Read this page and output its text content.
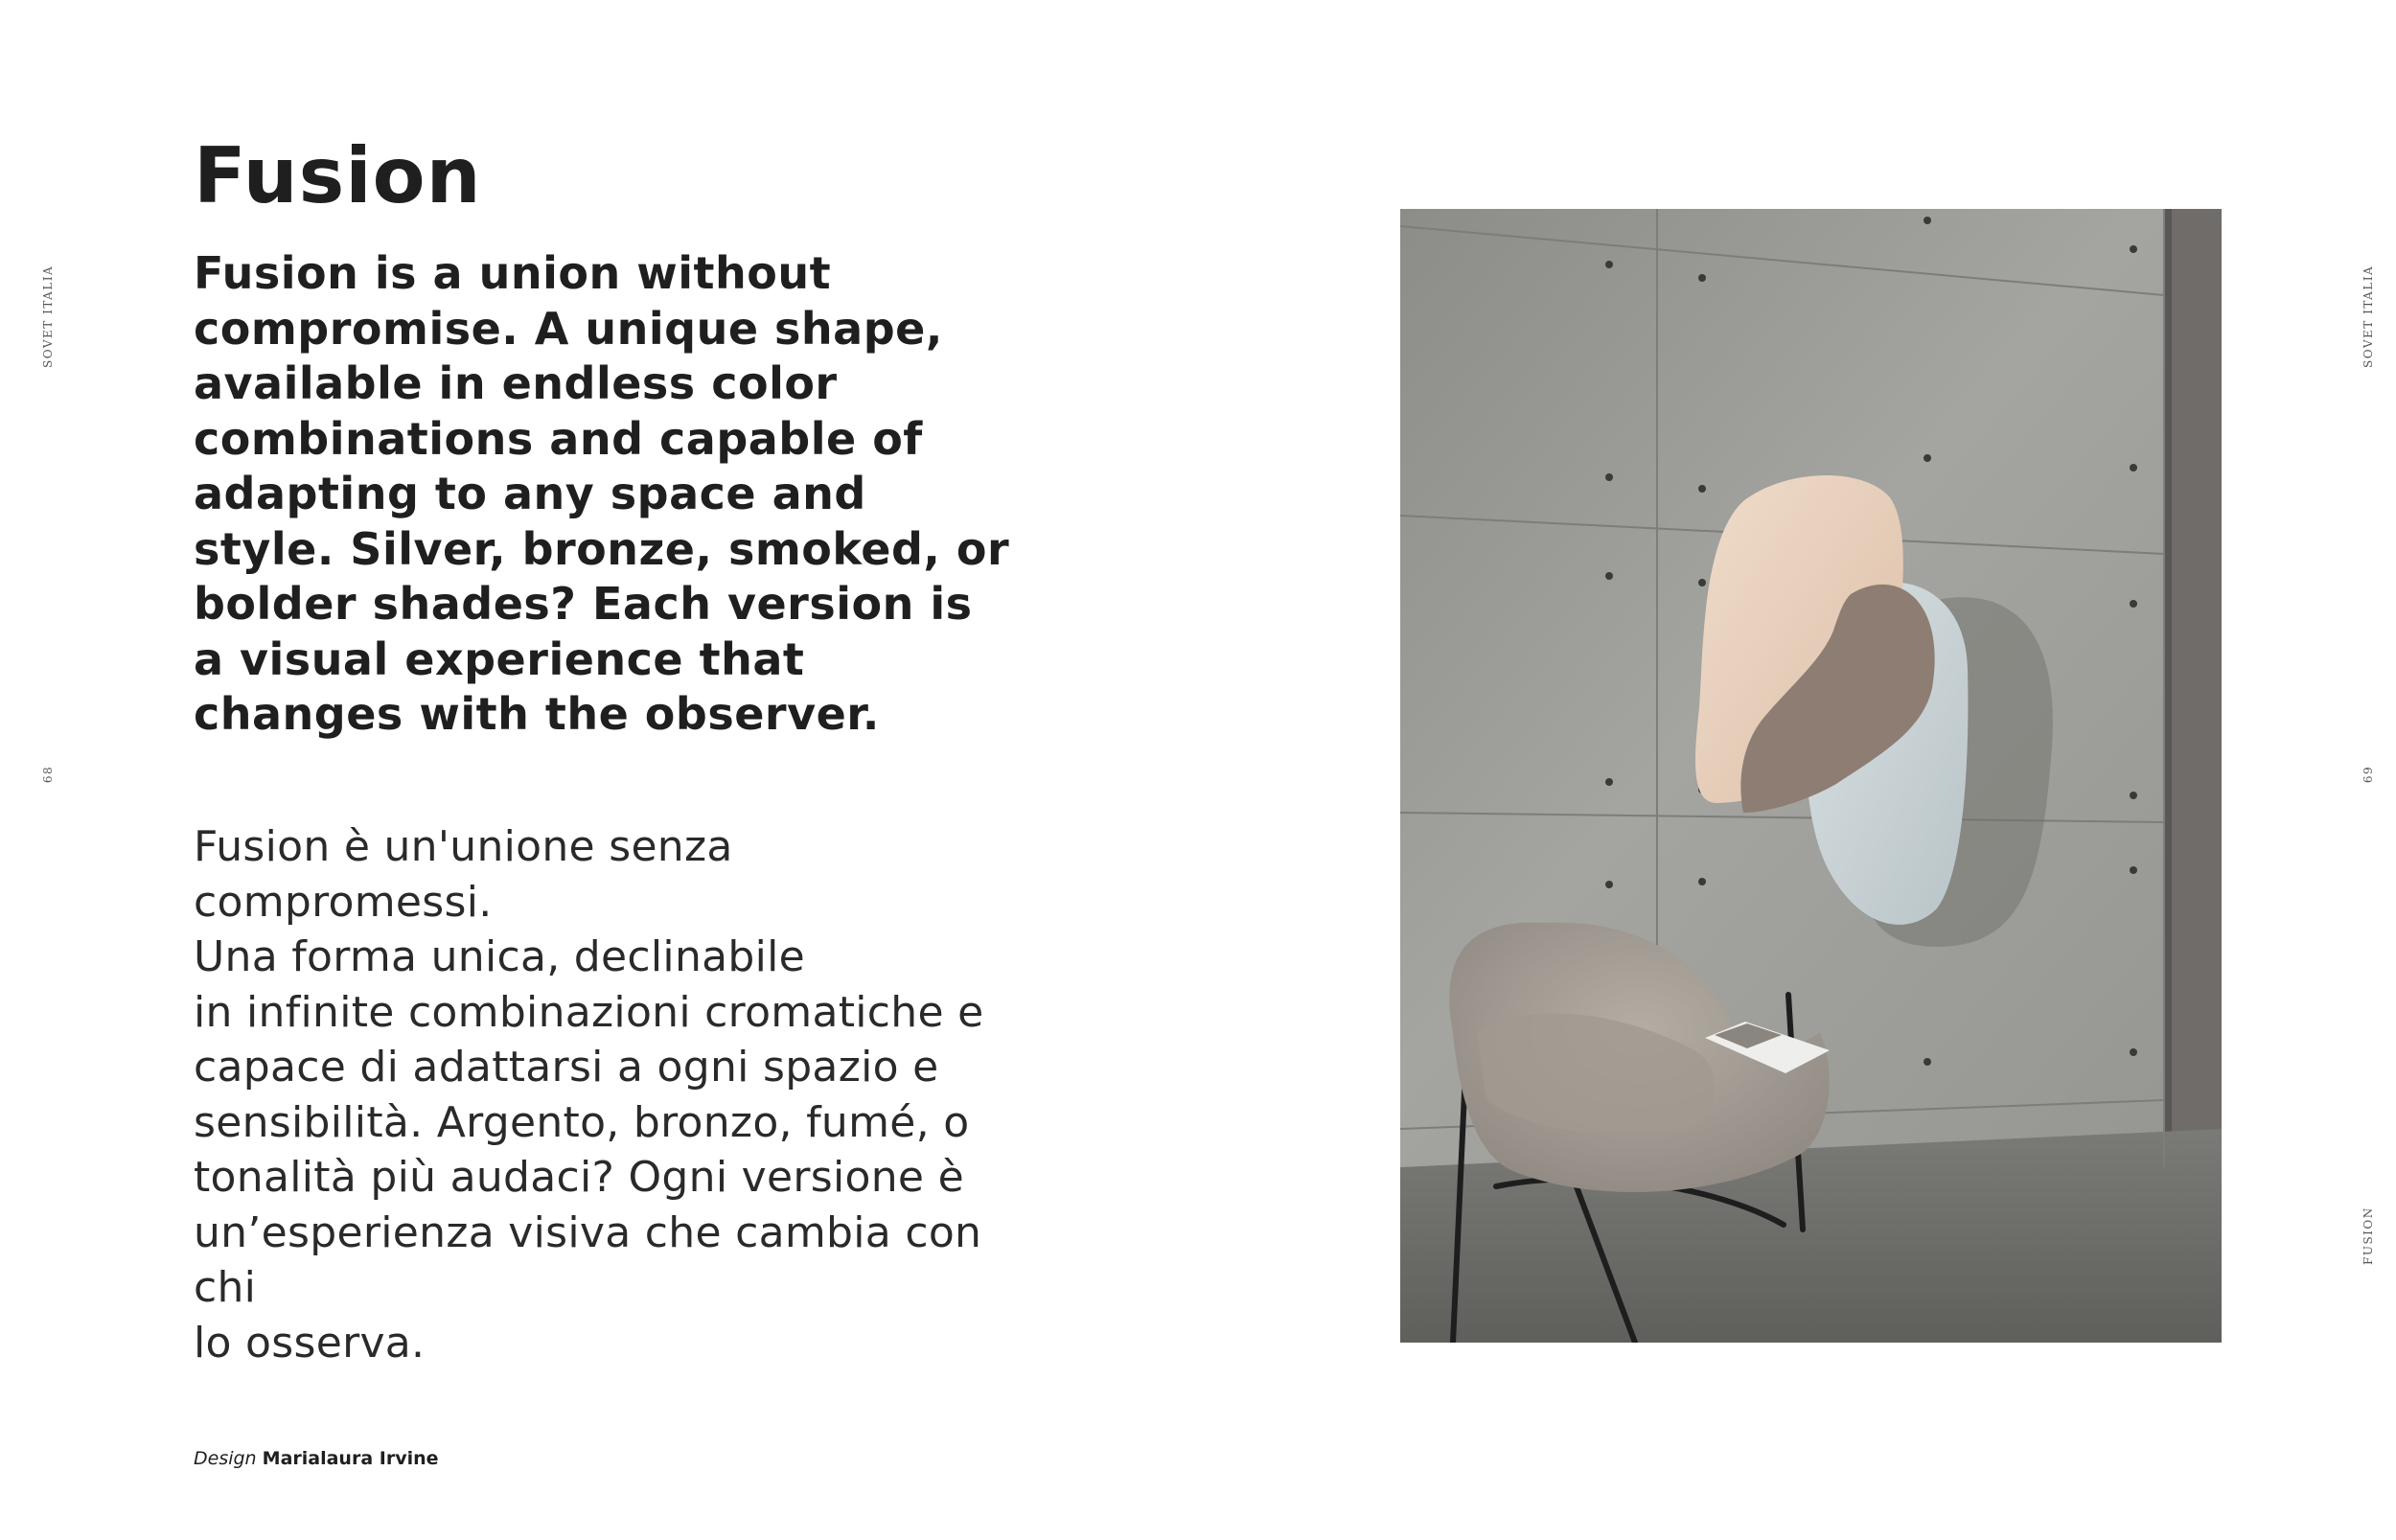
Fusion

Fusion is a union without compromise. A unique shape, available in endless color combinations and capable of adapting to any space and style. Silver, bronze, smoked, or bolder shades? Each version is a visual experience that changes with the observer.

Fusion è un'unione senza compromessi.
Una forma unica, declinabile
in infinite combinazioni cromatiche e
capace di adattarsi a ogni spazio e
sensibilità. Argento, bronzo, fumé, o
tonalità più audaci? Ogni versione è
un’esperienza visiva che cambia con chi
lo osserva.
Design Marialaura Irvine
SOVET ITALIA
68
SOVET ITALIA
69
FUSION
